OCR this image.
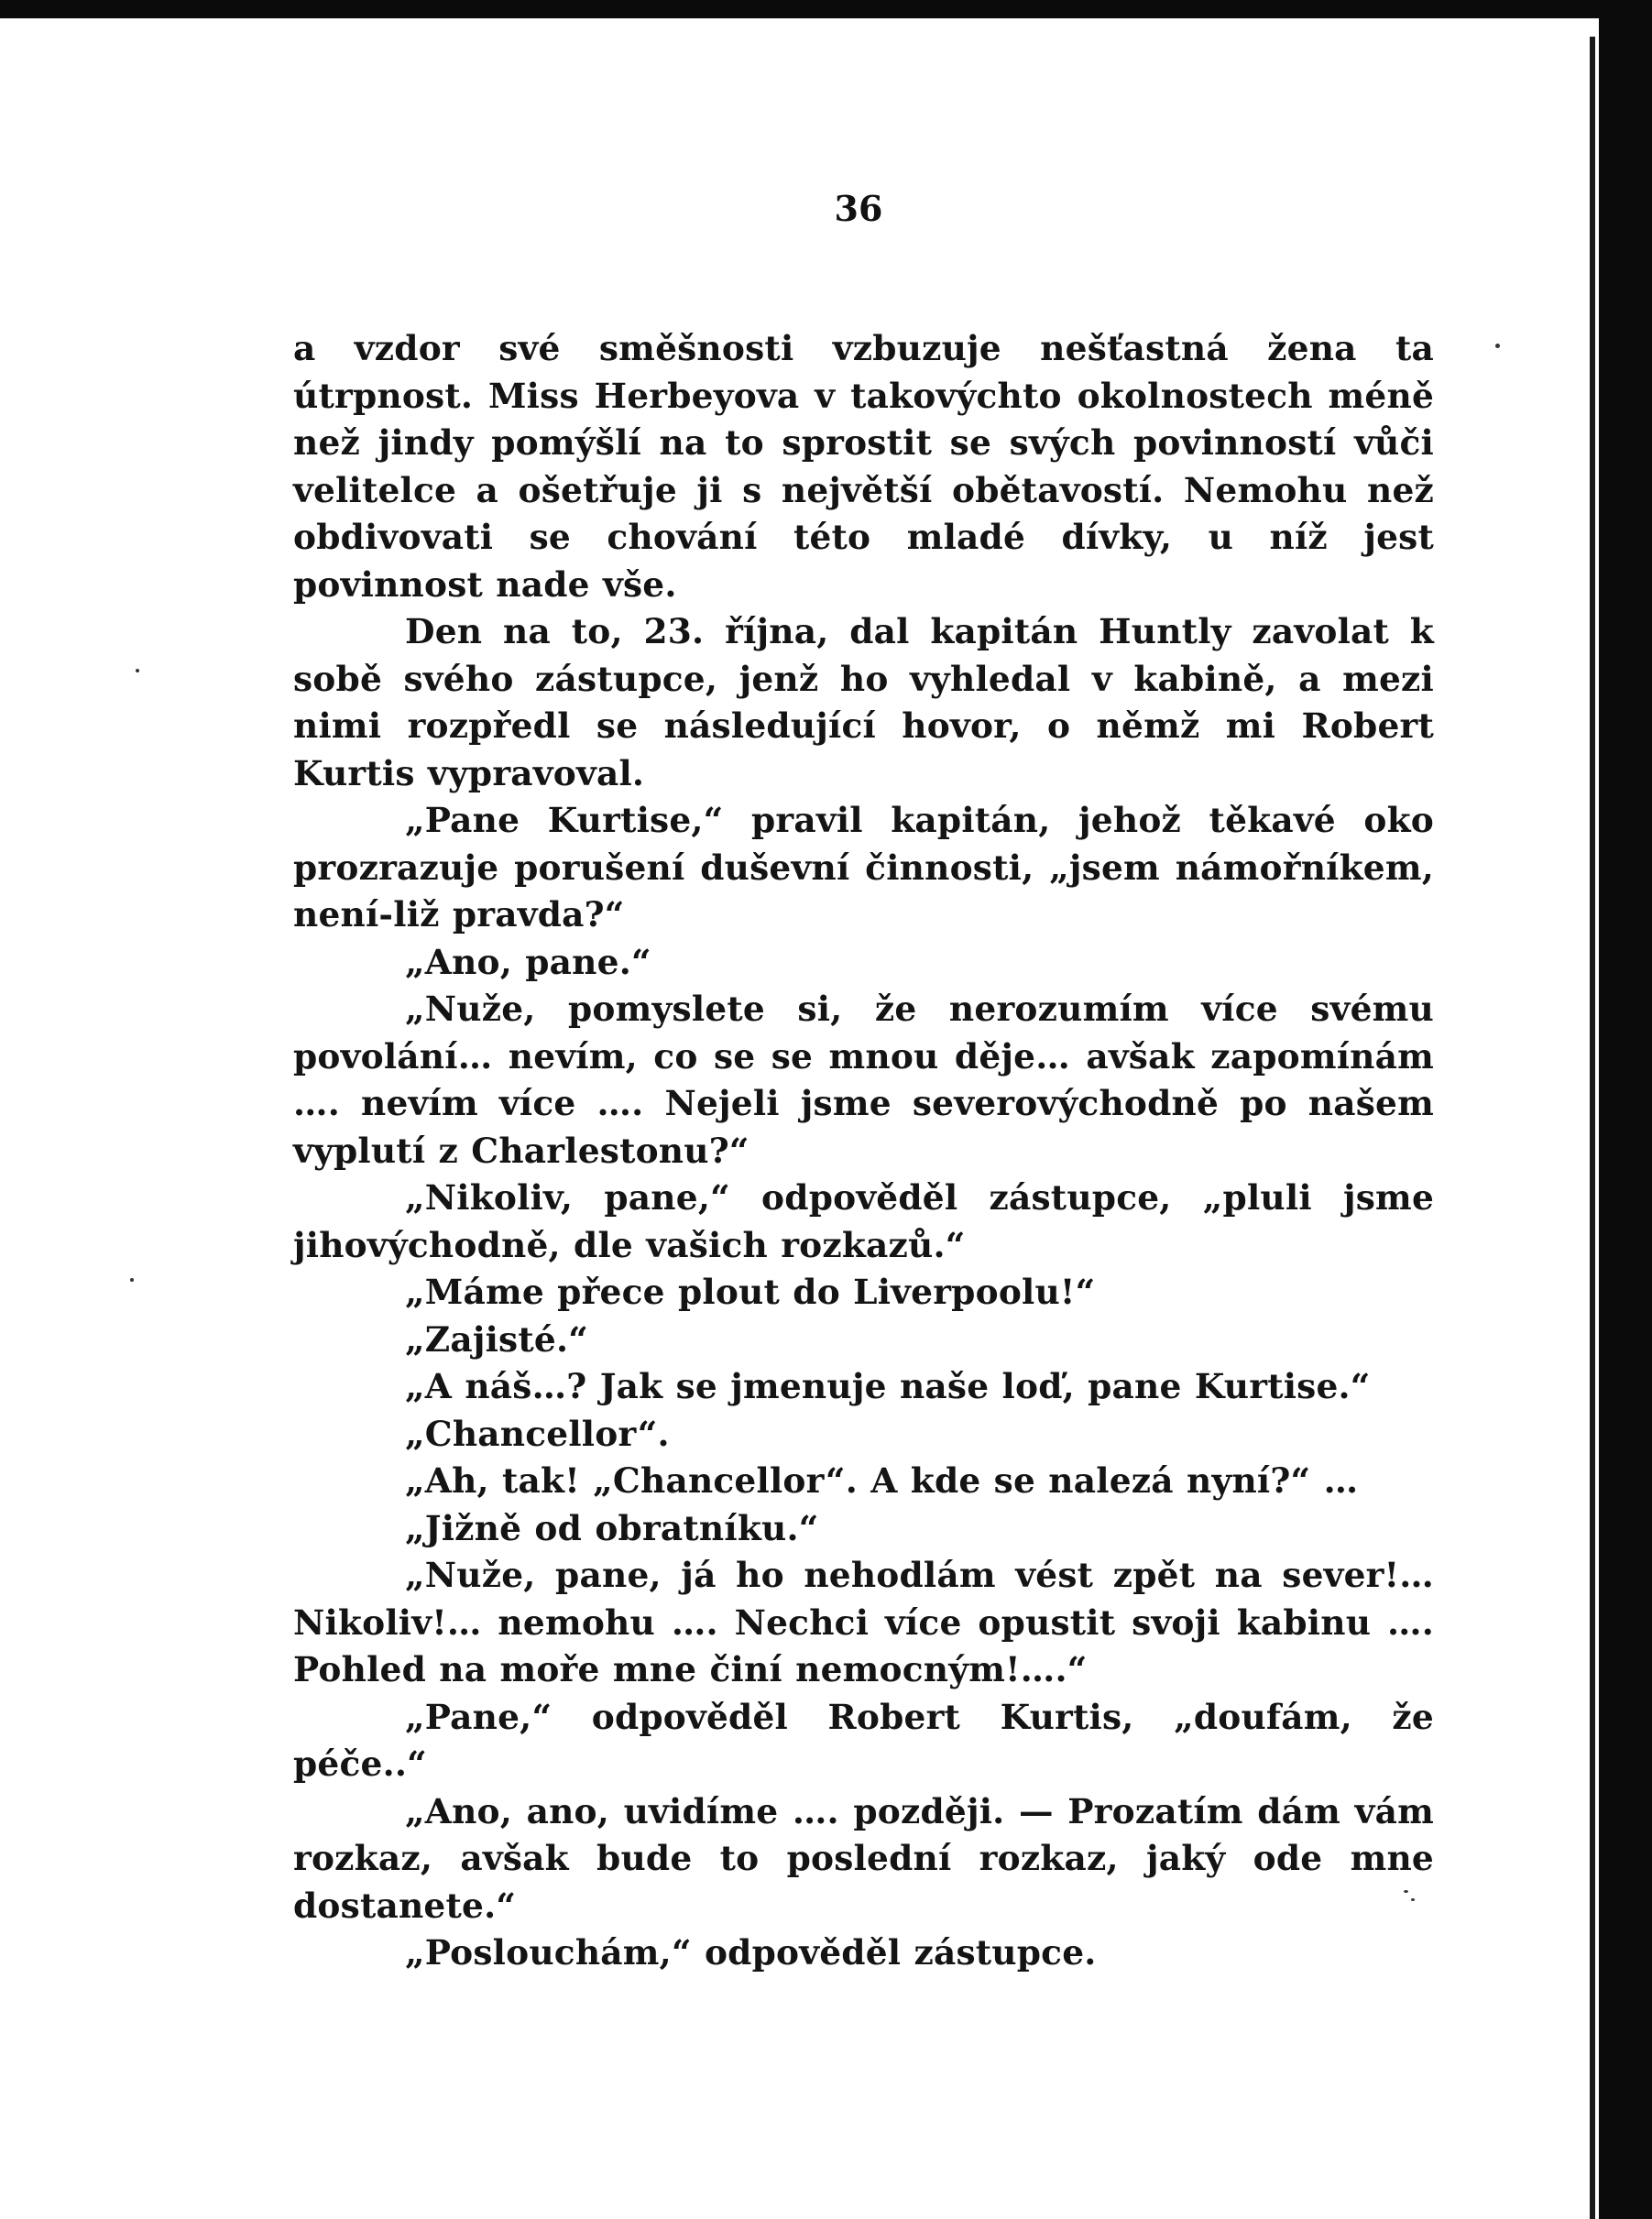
36

a vzdor své směšnosti vzbuzuje nešťastná žena ta útrpnost. Miss Herbeyova v takovýchto okolnostech méně než jindy pomýšlí na to sprostit se svých povinností vůči velitelce a ošetřuje ji s největší obětavostí. Nemohu než obdivovati se chování této mladé dívky, u níž jest povinnost nade vše.

Den na to, 23. října, dal kapitán Huntly zavolat k sobě svého zástupce, jenž ho vyhledal v kabině, a mezi nimi rozpředl se následující hovor, o němž mi Robert Kurtis vypravoval.

„Pane Kurtise,“ pravil kapitán, jehož těkavé oko prozrazuje porušení duševní činnosti, „jsem námořníkem, není-liž pravda?“

„Ano, pane.“

„Nuže, pomyslete si, že nerozumím více svému povolání… nevím, co se se mnou děje… avšak zapomínám …. nevím více …. Nejeli jsme severovýchodně po našem vyplutí z Charlestonu?“

„Nikoliv, pane,“ odpověděl zástupce, „pluli jsme jihovýchodně, dle vašich rozkazů.“

„Máme přece plout do Liverpoolu!“

„Zajisté.“

„A náš…? Jak se jmenuje naše loď, pane Kurtise.“

„Chancellor“.

„Ah, tak! „Chancellor“. A kde se nalezá nyní?“ …

„Jižně od obratníku.“

„Nuže, pane, já ho nehodlám vést zpět na sever!… Nikoliv!… nemohu …. Nechci více opustit svoji kabinu …. Pohled na moře mne činí nemocným!….“

„Pane,“ odpověděl Robert Kurtis, „doufám, že péče..“

„Ano, ano, uvidíme …. později. — Prozatím dám vám rozkaz, avšak bude to poslední rozkaz, jaký ode mne dostanete.“

„Poslouchám,“ odpověděl zástupce.
